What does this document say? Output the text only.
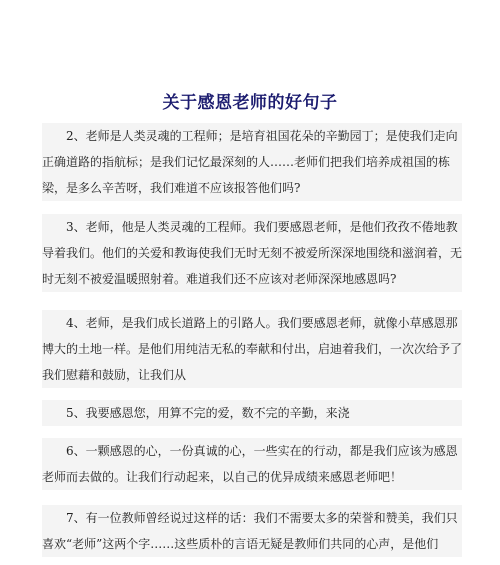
关于感恩老师的好句子

2、老师是人类灵魂的工程师；是培育祖国花朵的辛勤园丁；是使我们走向正确道路的指航标；是我们记忆最深刻的人……老师们把我们培养成祖国的栋梁，是多么辛苦呀，我们难道不应该报答他们吗?

3、老师，他是人类灵魂的工程师。我们要感恩老师，是他们孜孜不倦地教导着我们。他们的关爱和教诲使我们无时无刻不被爱所深深地围绕和滋润着，无时无刻不被爱温暖照射着。难道我们还不应该对老师深深地感恩吗?

4、老师，是我们成长道路上的引路人。我们要感恩老师，就像小草感恩那博大的土地一样。是他们用纯洁无私的奉献和付出，启迪着我们，一次次给予了我们慰藉和鼓励，让我们从

5、我要感恩您，用算不完的爱，数不完的辛勤，来浇

6、一颗感恩的心，一份真诚的心，一些实在的行动，都是我们应该为感恩老师而去做的。让我们行动起来，以自己的优异成绩来感恩老师吧！

7、有一位教师曾经说过这样的话：我们不需要太多的荣誉和赞美，我们只喜欢“老师”这两个字……这些质朴的言语无疑是教师们共同的心声，是他们
